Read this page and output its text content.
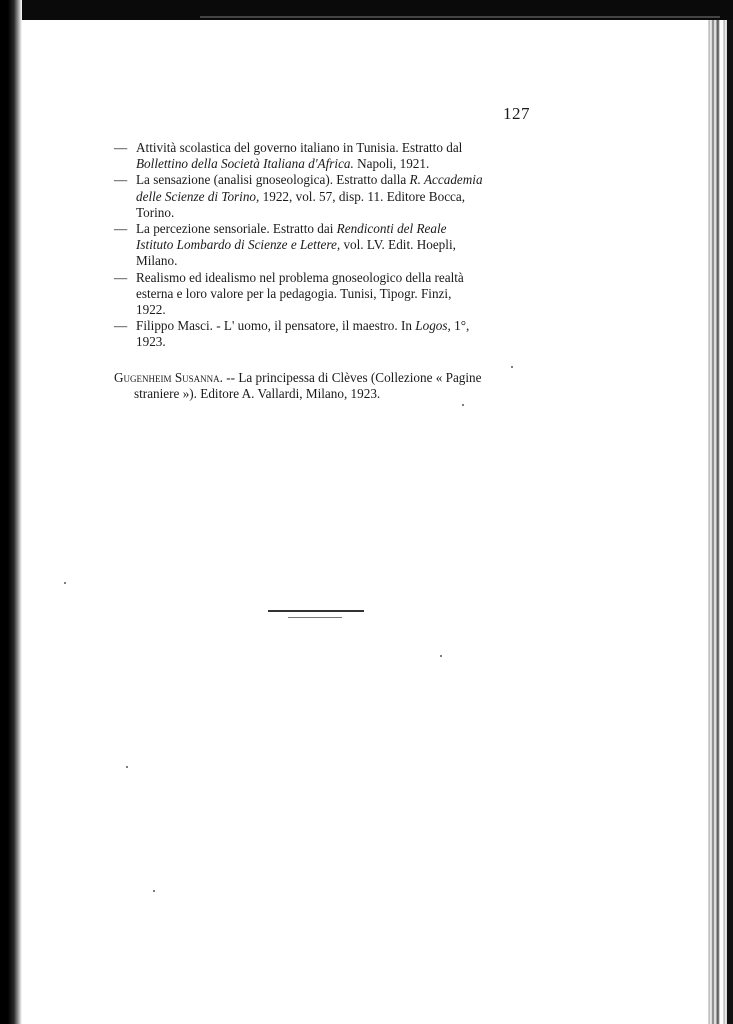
127

— Attività scolastica del governo italiano in Tunisia. Estratto dal
Bollettino della Società Italiana d'Africa. Napoli, 1921.

— La sensazione (analisi gnoseologica). Estratto dalla R. Accademia
delle Scienze di Torino, 1922, vol. 57, disp. 11. Editore Bocca,
Torino.

— La percezione sensoriale. Estratto dai Rendiconti del Reale
Istituto Lombardo di Scienze e Lettere, vol. LV. Edit. Hoepli,
Milano.

— Realismo ed idealismo nel problema gnoseologico della realtà
esterna e loro valore per la pedagogia. Tunisi, Tipogr. Finzi,
1922.

— Filippo Masci. - L' uomo, il pensatore, il maestro. In Logos, 1°,
1923.

Gugenheim Susanna. -- La principessa di Clèves (Collezione « Pagine
straniere »). Editore A. Vallardi, Milano, 1923.
